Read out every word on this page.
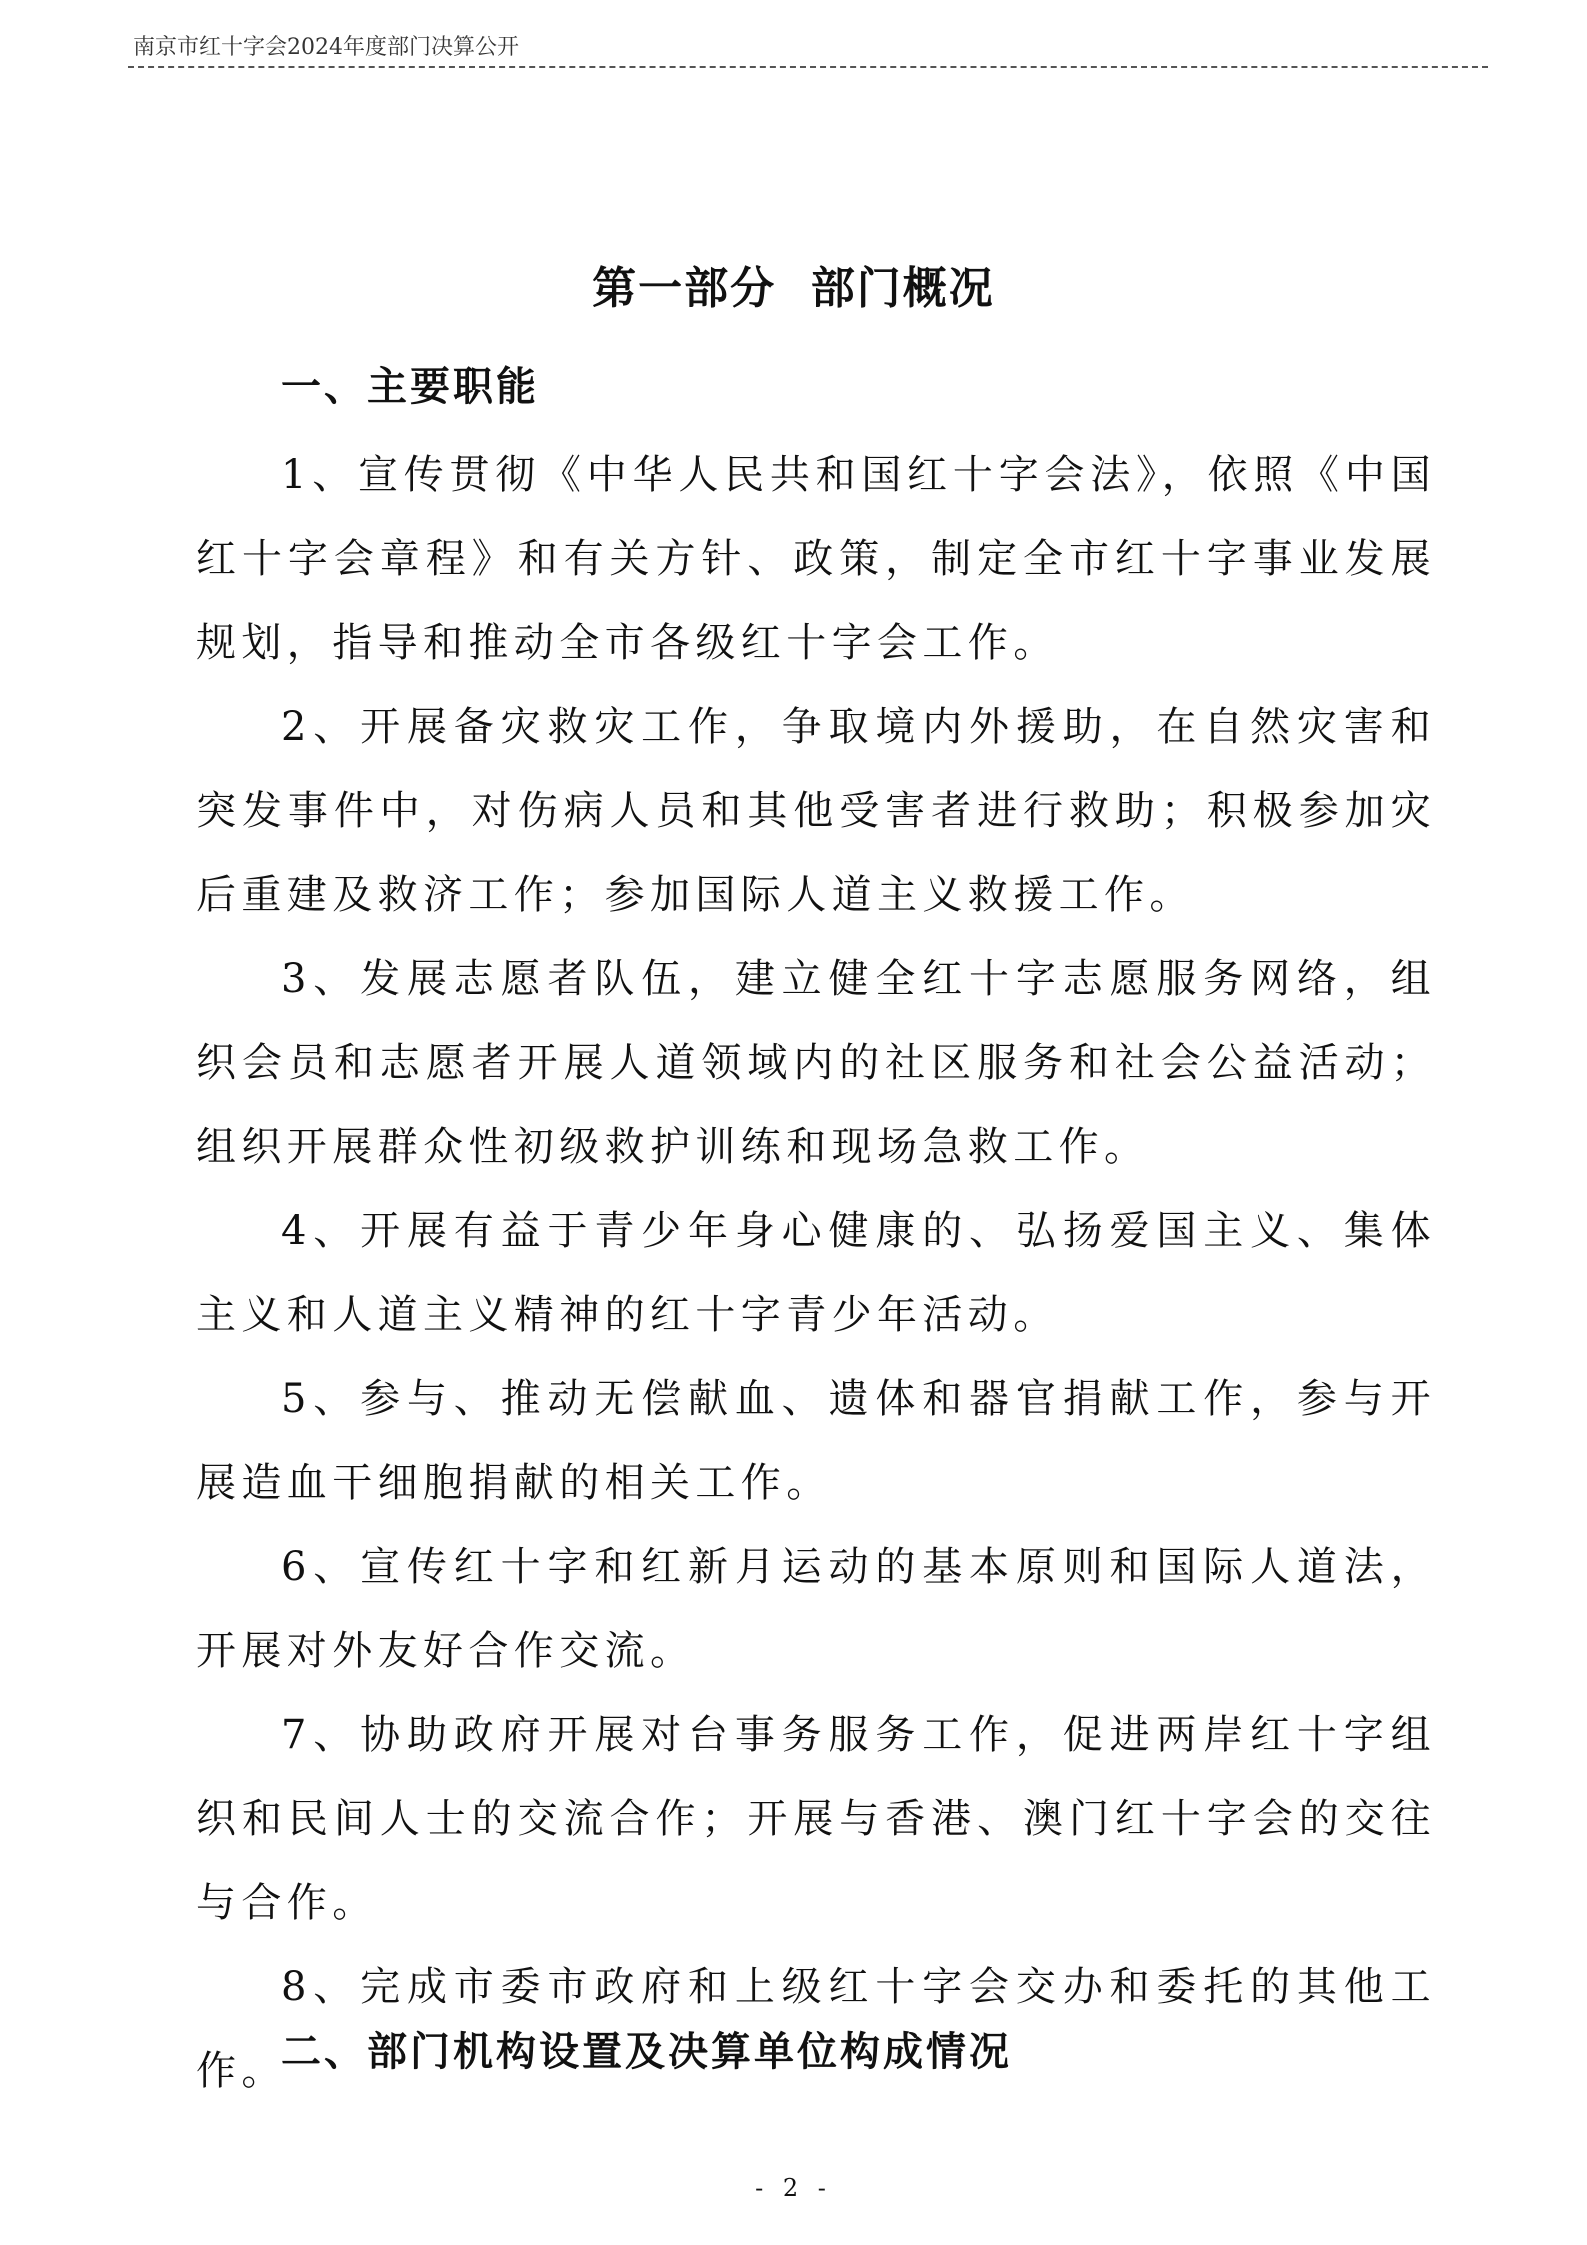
南京市红十字会2024年度部门决算公开
第一部分  部门概况
一、主要职能

1、宣传贯彻《中华人民共和国红十字会法》，依照《中国红十字会章程》和有关方针、政策，制定全市红十字事业发展规划，指导和推动全市各级红十字会工作。

2、开展备灾救灾工作，争取境内外援助，在自然灾害和突发事件中，对伤病人员和其他受害者进行救助；积极参加灾后重建及救济工作；参加国际人道主义救援工作。

3、发展志愿者队伍，建立健全红十字志愿服务网络，组织会员和志愿者开展人道领域内的社区服务和社会公益活动；组织开展群众性初级救护训练和现场急救工作。

4、开展有益于青少年身心健康的、弘扬爱国主义、集体主义和人道主义精神的红十字青少年活动。

5、参与、推动无偿献血、遗体和器官捐献工作，参与开展造血干细胞捐献的相关工作。

6、宣传红十字和红新月运动的基本原则和国际人道法，开展对外友好合作交流。

7、协助政府开展对台事务服务工作，促进两岸红十字组织和民间人士的交流合作；开展与香港、澳门红十字会的交往与合作。

8、完成市委市政府和上级红十字会交办和委托的其他工作。

二、部门机构设置及决算单位构成情况
- 2 -
